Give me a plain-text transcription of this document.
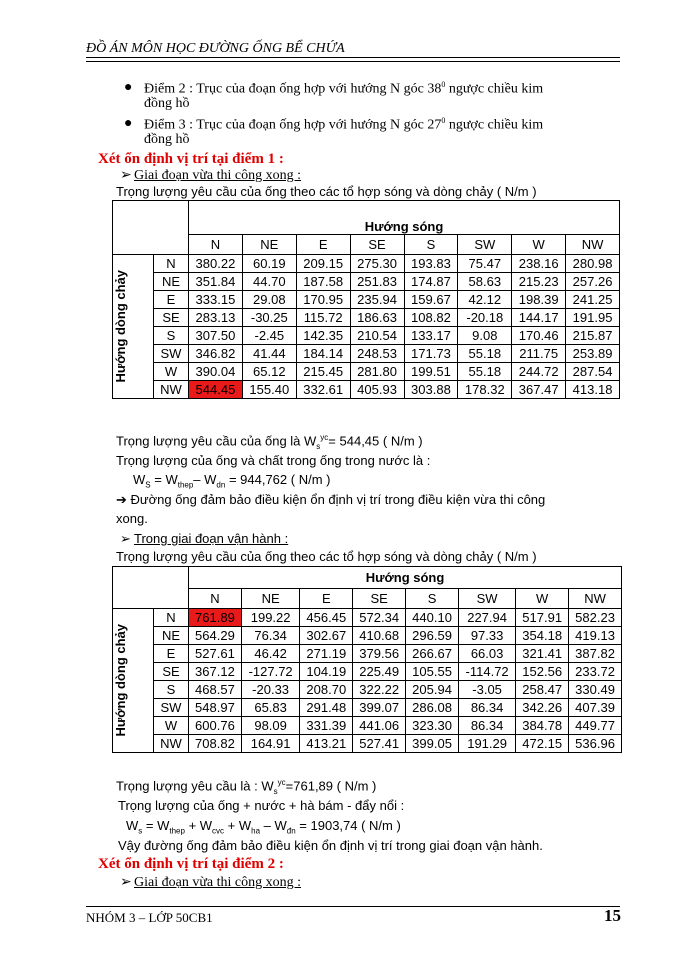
ĐỒ ÁN MÔN HỌC ĐƯỜNG ỐNG BỂ CHỨA
● Điểm 2 : Trục của đoạn ống hợp với hướng N góc $38^0$ ngược chiều kim
đồng hồ
● Điểm 3 : Trục của đoạn ống hợp với hướng N góc $27^0$ ngược chiều kim
đồng hồ
Xét ổn định vị trí tại điểm 1 :
➢ Giai đoạn vừa thi công xong :
Trọng lượng yêu cầu của ống theo các tổ hợp sóng và dòng chảy ( N/m )
		Hướng sóng							
		N	NE	E	SE	S	SW	W	NW

Hướng dòng chảy	N	380.22	60.19	209.15	275.30	193.83	75.47	238.16	280.98
	NE	351.84	44.70	187.58	251.83	174.87	58.63	215.23	257.26
	E	333.15	29.08	170.95	235.94	159.67	42.12	198.39	241.25
	SE	283.13	-30.25	115.72	186.63	108.82	-20.18	144.17	191.95
	S	307.50	-2.45	142.35	210.54	133.17	9.08	170.46	215.87
	SW	346.82	41.44	184.14	248.53	171.73	55.18	211.75	253.89
	W	390.04	65.12	215.45	281.80	199.51	55.18	244.72	287.54
	NW	544.45	155.40	332.61	405.93	303.88	178.32	367.47	413.18
Trọng lượng yêu cầu của ống là $W_s^{yc}= 544,45$ ( N/m )
Trọng lượng của ống và chất trong ống trong nước là :
$W_S = W_{thep}-$ $W_{dn} = 944,762$ ( N/m )
➔ Đường ống đảm bảo điều kiện ổn định vị trí trong điều kiện vừa thi công
xong.
➢ Trong giai đoạn vận hành :
Trọng lượng yêu cầu của ống theo các tổ hợp sóng và dòng chảy ( N/m )
		Hướng sóng							
		N	NE	E	SE	S	SW	W	NW

Hướng dòng chảy	N	761.89	199.22	456.45	572.34	440.10	227.94	517.91	582.23
	NE	564.29	76.34	302.67	410.68	296.59	97.33	354.18	419.13
	E	527.61	46.42	271.19	379.56	266.67	66.03	321.41	387.82
	SE	367.12	-127.72	104.19	225.49	105.55	-114.72	152.56	233.72
	S	468.57	-20.33	208.70	322.22	205.94	-3.05	258.47	330.49
	SW	548.97	65.83	291.48	399.07	286.08	86.34	342.26	407.39
	W	600.76	98.09	331.39	441.06	323.30	86.34	384.78	449.77
	NW	708.82	164.91	413.21	527.41	399.05	191.29	472.15	536.96
Trọng lượng yêu cầu là : $W_s^{yc}=761,89$ ( N/m )
Trọng lượng của ống + nước + hà bám - đẩy nổi :
$W_s = W_{thep} + W_{cvc} + W_{ha} - W_{đn} = 1903,74$ ( N/m )
Vậy đường ống đảm bảo điều kiện ổn định vị trí trong giai đoạn vận hành.
Xét ổn định vị trí tại điểm 2 :
➢ Giai đoạn vừa thi công xong :
NHÓM 3 – LỚP 50CB1	15
